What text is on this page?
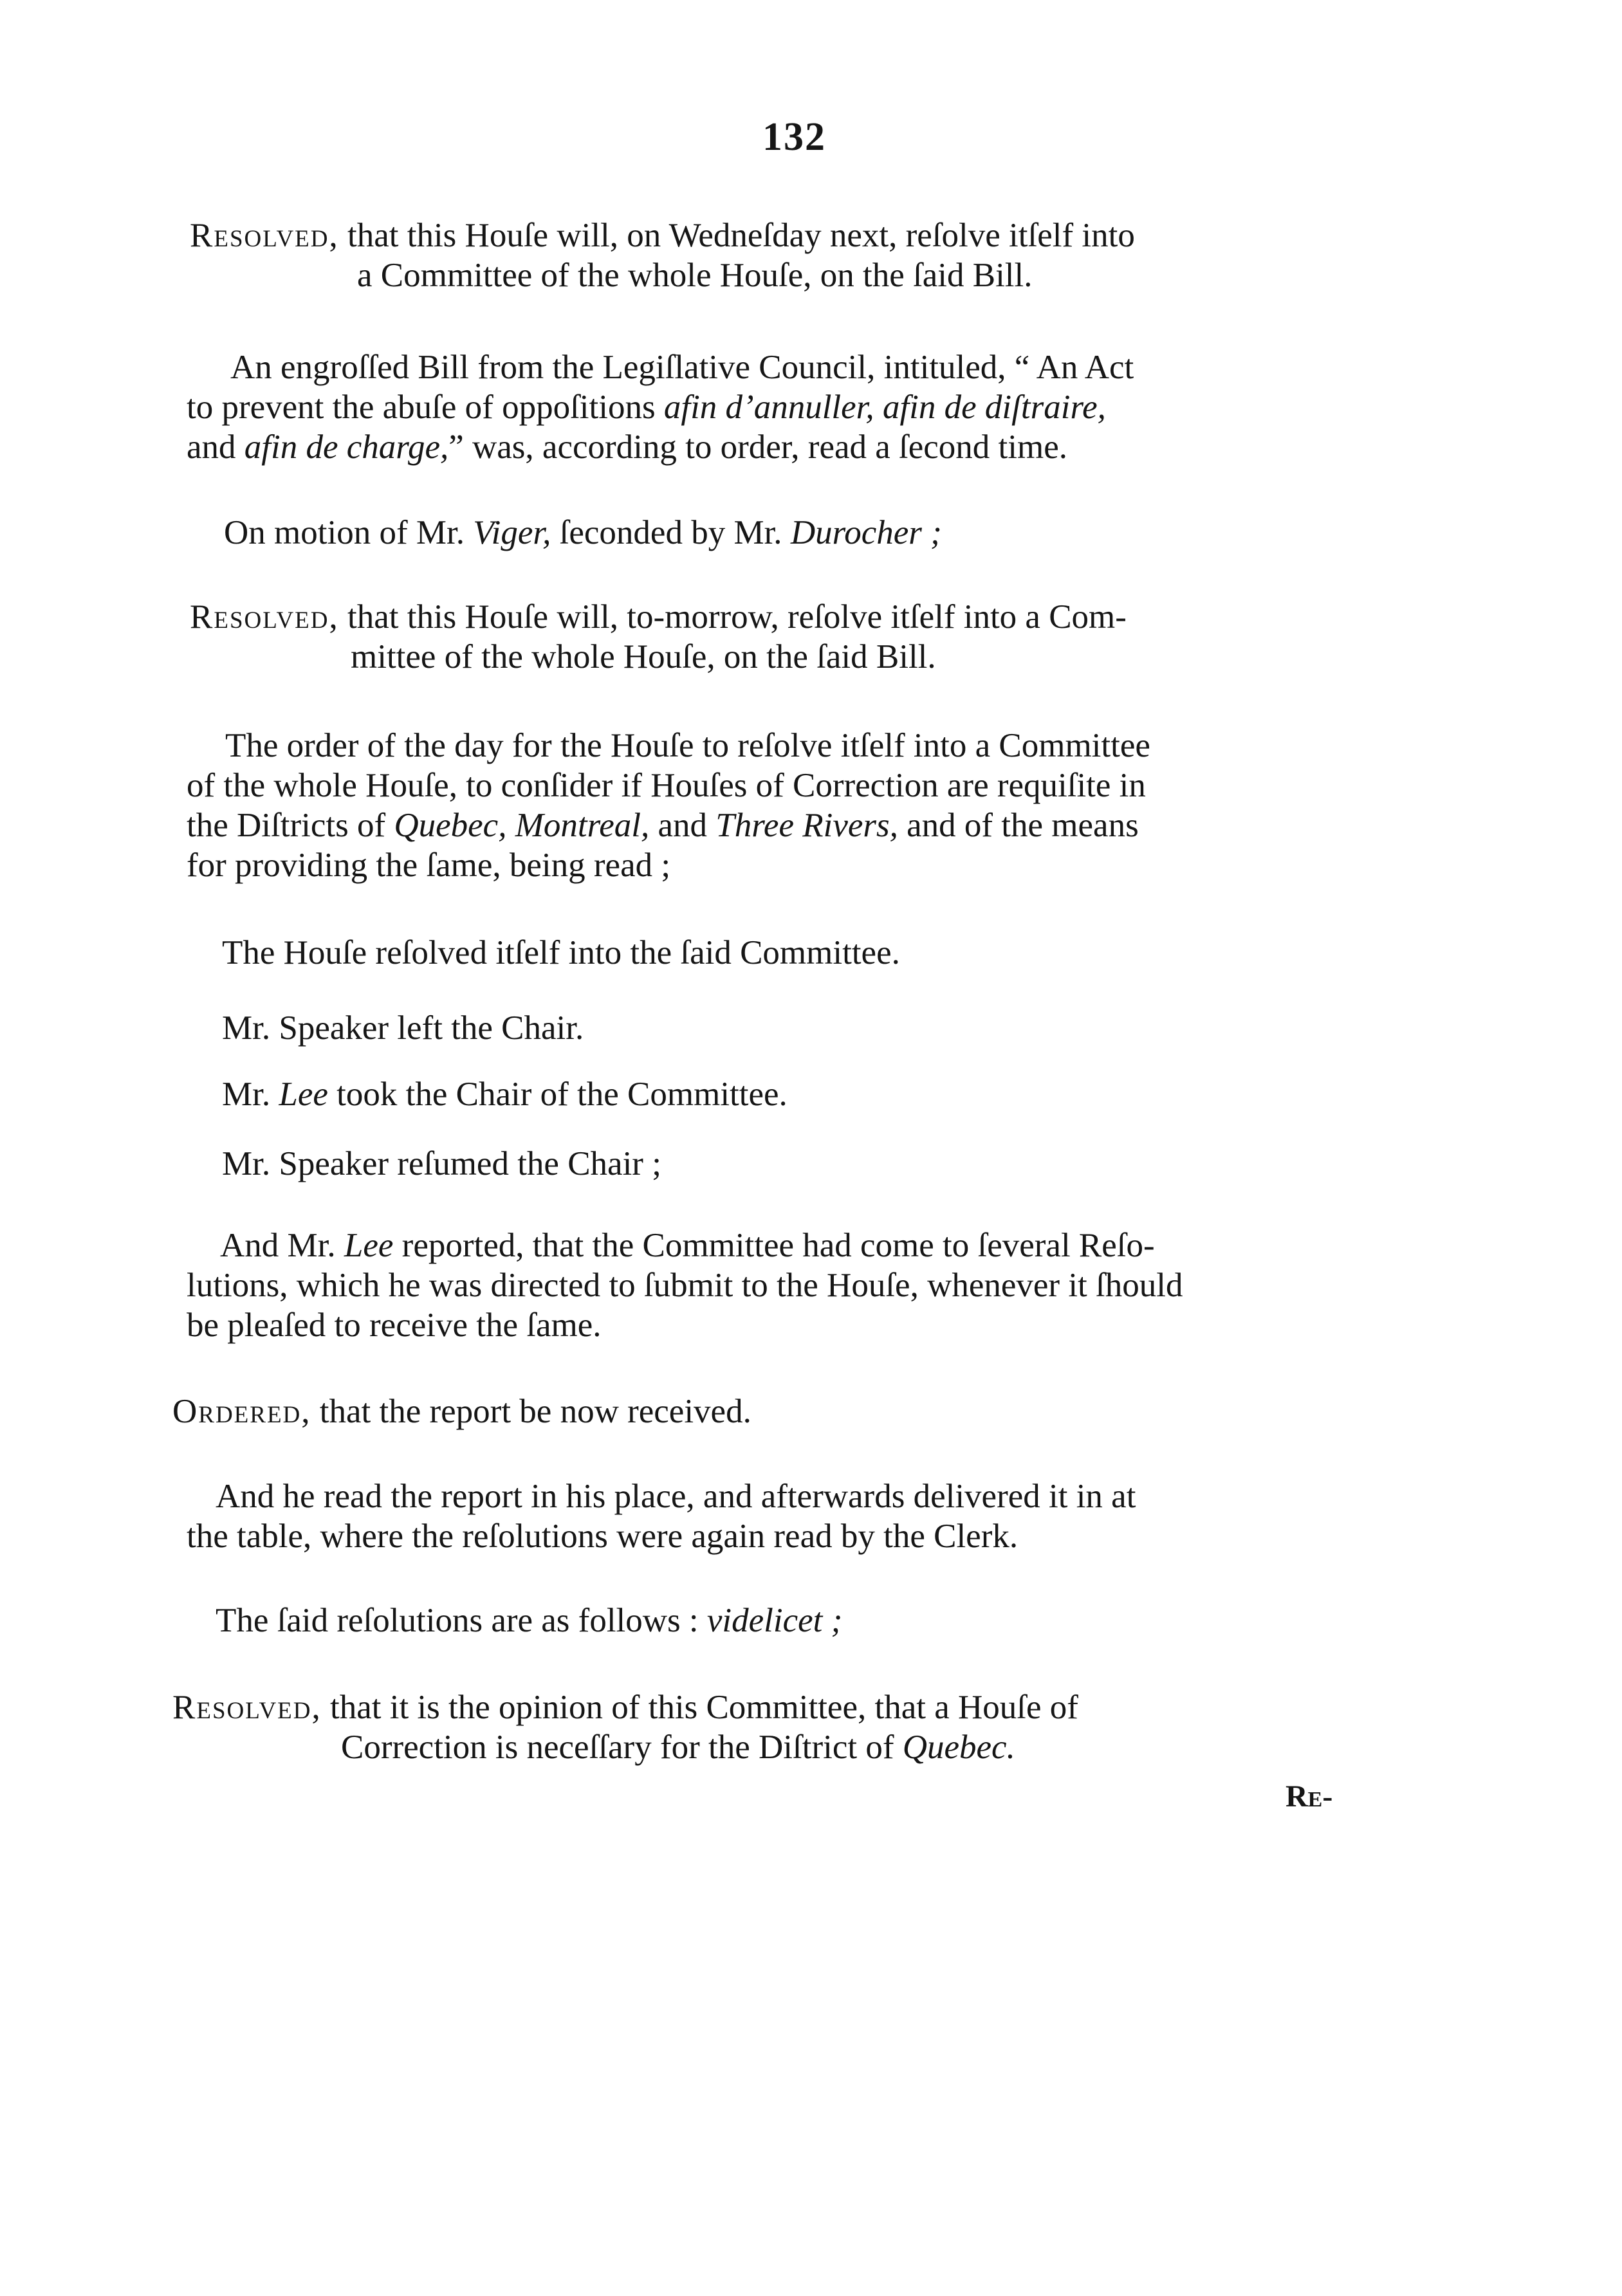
132

Resolved, that this Houſe will, on Wedneſday next, reſolve itſelf into
a Committee of the whole Houſe, on the ſaid Bill.

An engroſſed Bill from the Legiſlative Council, intituled, “ An Act
to prevent the abuſe of oppoſitions afin d’annuller, afin de diſtraire,
and afin de charge,” was, according to order, read a ſecond time.

On motion of Mr. Viger, ſeconded by Mr. Durocher ;

Resolved, that this Houſe will, to-morrow, reſolve itſelf into a Com-
mittee of the whole Houſe, on the ſaid Bill.

The order of the day for the Houſe to reſolve itſelf into a Committee
of the whole Houſe, to conſider if Houſes of Correction are requiſite in
the Diſtricts of Quebec, Montreal, and Three Rivers, and of the means
for providing the ſame, being read ;

The Houſe reſolved itſelf into the ſaid Committee.

Mr. Speaker left the Chair.

Mr. Lee took the Chair of the Committee.

Mr. Speaker reſumed the Chair ;

And Mr. Lee reported, that the Committee had come to ſeveral Reſo-
lutions, which he was directed to ſubmit to the Houſe, whenever it ſhould
be pleaſed to receive the ſame.

Ordered, that the report be now received.

And he read the report in his place, and afterwards delivered it in at
the table, where the reſolutions were again read by the Clerk.

The ſaid reſolutions are as follows : videlicet ;

Resolved, that it is the opinion of this Committee, that a Houſe of
Correction is neceſſary for the Diſtrict of Quebec.

Re-
